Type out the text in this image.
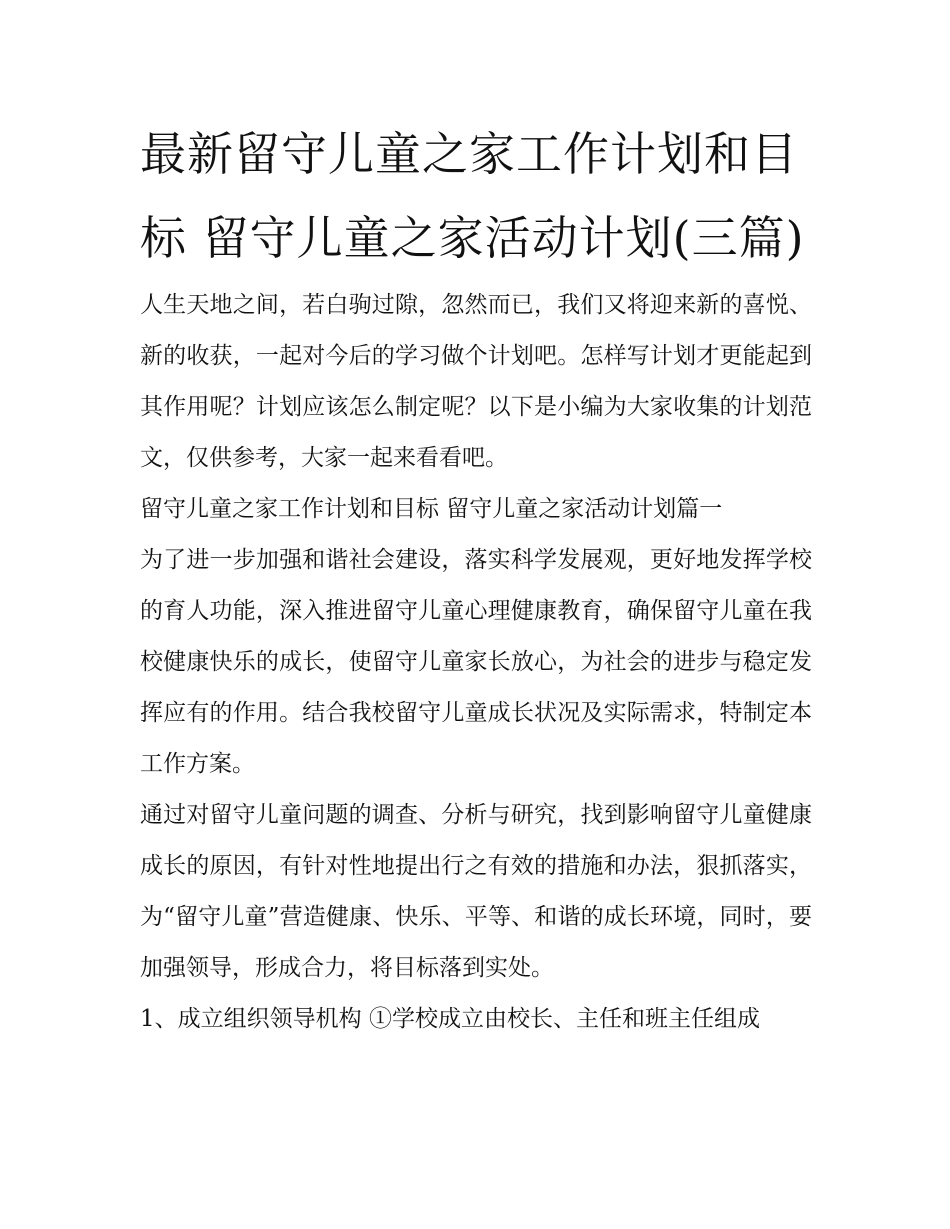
最新留守儿童之家工作计划和目标 留守儿童之家活动计划(三篇)

人生天地之间，若白驹过隙，忽然而已，我们又将迎来新的喜悦、新的收获，一起对今后的学习做个计划吧。怎样写计划才更能起到其作用呢？计划应该怎么制定呢？以下是小编为大家收集的计划范文，仅供参考，大家一起来看看吧。

留守儿童之家工作计划和目标 留守儿童之家活动计划篇一

为了进一步加强和谐社会建设，落实科学发展观，更好地发挥学校的育人功能，深入推进留守儿童心理健康教育，确保留守儿童在我校健康快乐的成长，使留守儿童家长放心，为社会的进步与稳定发挥应有的作用。结合我校留守儿童成长状况及实际需求，特制定本工作方案。

通过对留守儿童问题的调查、分析与研究，找到影响留守儿童健康成长的原因，有针对性地提出行之有效的措施和办法，狠抓落实，为“留守儿童”营造健康、快乐、平等、和谐的成长环境，同时，要加强领导，形成合力，将目标落到实处。

1、成立组织领导机构 ①学校成立由校长、主任和班主任组成
